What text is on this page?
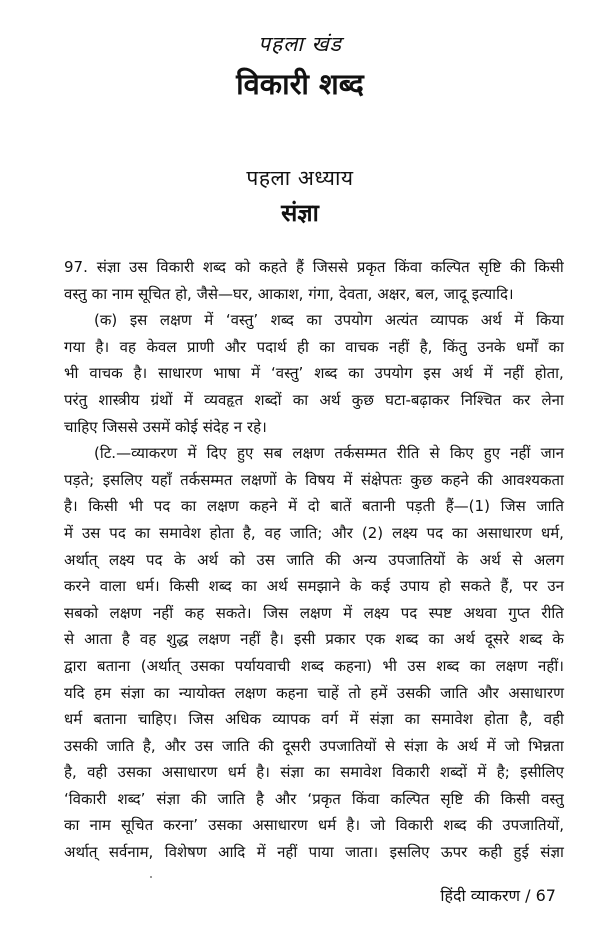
पहला खंड
विकारी शब्द
पहला अध्याय
संज्ञा
97. संज्ञा उस विकारी शब्द को कहते हैं जिससे प्रकृत किंवा कल्पित सृष्टि की किसी
वस्तु का नाम सूचित हो, जैसे—घर, आकाश, गंगा, देवता, अक्षर, बल, जादू इत्यादि।
(क) इस लक्षण में ‘वस्तु’ शब्द का उपयोग अत्यंत व्यापक अर्थ में किया
गया है। वह केवल प्राणी और पदार्थ ही का वाचक नहीं है, किंतु उनके धर्मों का
भी वाचक है। साधारण भाषा में ‘वस्तु’ शब्द का उपयोग इस अर्थ में नहीं होता,
परंतु शास्त्रीय ग्रंथों में व्यवहृत शब्दों का अर्थ कुछ घटा-बढ़ाकर निश्चित कर लेना
चाहिए जिससे उसमें कोई संदेह न रहे।
(टि.—व्याकरण में दिए हुए सब लक्षण तर्कसम्मत रीति से किए हुए नहीं जान
पड़ते; इसलिए यहाँ तर्कसम्मत लक्षणों के विषय में संक्षेपतः कुछ कहने की आवश्यकता
है। किसी भी पद का लक्षण कहने में दो बातें बतानी पड़ती हैं—(1) जिस जाति
में उस पद का समावेश होता है, वह जाति; और (2) लक्ष्य पद का असाधारण धर्म,
अर्थात् लक्ष्य पद के अर्थ को उस जाति की अन्य उपजातियों के अर्थ से अलग
करने वाला धर्म। किसी शब्द का अर्थ समझाने के कई उपाय हो सकते हैं, पर उन
सबको लक्षण नहीं कह सकते। जिस लक्षण में लक्ष्य पद स्पष्ट अथवा गुप्त रीति
से आता है वह शुद्ध लक्षण नहीं है। इसी प्रकार एक शब्द का अर्थ दूसरे शब्द के
द्वारा बताना (अर्थात् उसका पर्यायवाची शब्द कहना) भी उस शब्द का लक्षण नहीं।
यदि हम संज्ञा का न्यायोक्त लक्षण कहना चाहें तो हमें उसकी जाति और असाधारण
धर्म बताना चाहिए। जिस अधिक व्यापक वर्ग में संज्ञा का समावेश होता है, वही
उसकी जाति है, और उस जाति की दूसरी उपजातियों से संज्ञा के अर्थ में जो भिन्नता
है, वही उसका असाधारण धर्म है। संज्ञा का समावेश विकारी शब्दों में है; इसीलिए
‘विकारी शब्द’ संज्ञा की जाति है और ‘प्रकृत किंवा कल्पित सृष्टि की किसी वस्तु
का नाम सूचित करना’ उसका असाधारण धर्म है। जो विकारी शब्द की उपजातियों,
अर्थात् सर्वनाम, विशेषण आदि में नहीं पाया जाता। इसलिए ऊपर कही हुई संज्ञा
हिंदी व्याकरण / 67
